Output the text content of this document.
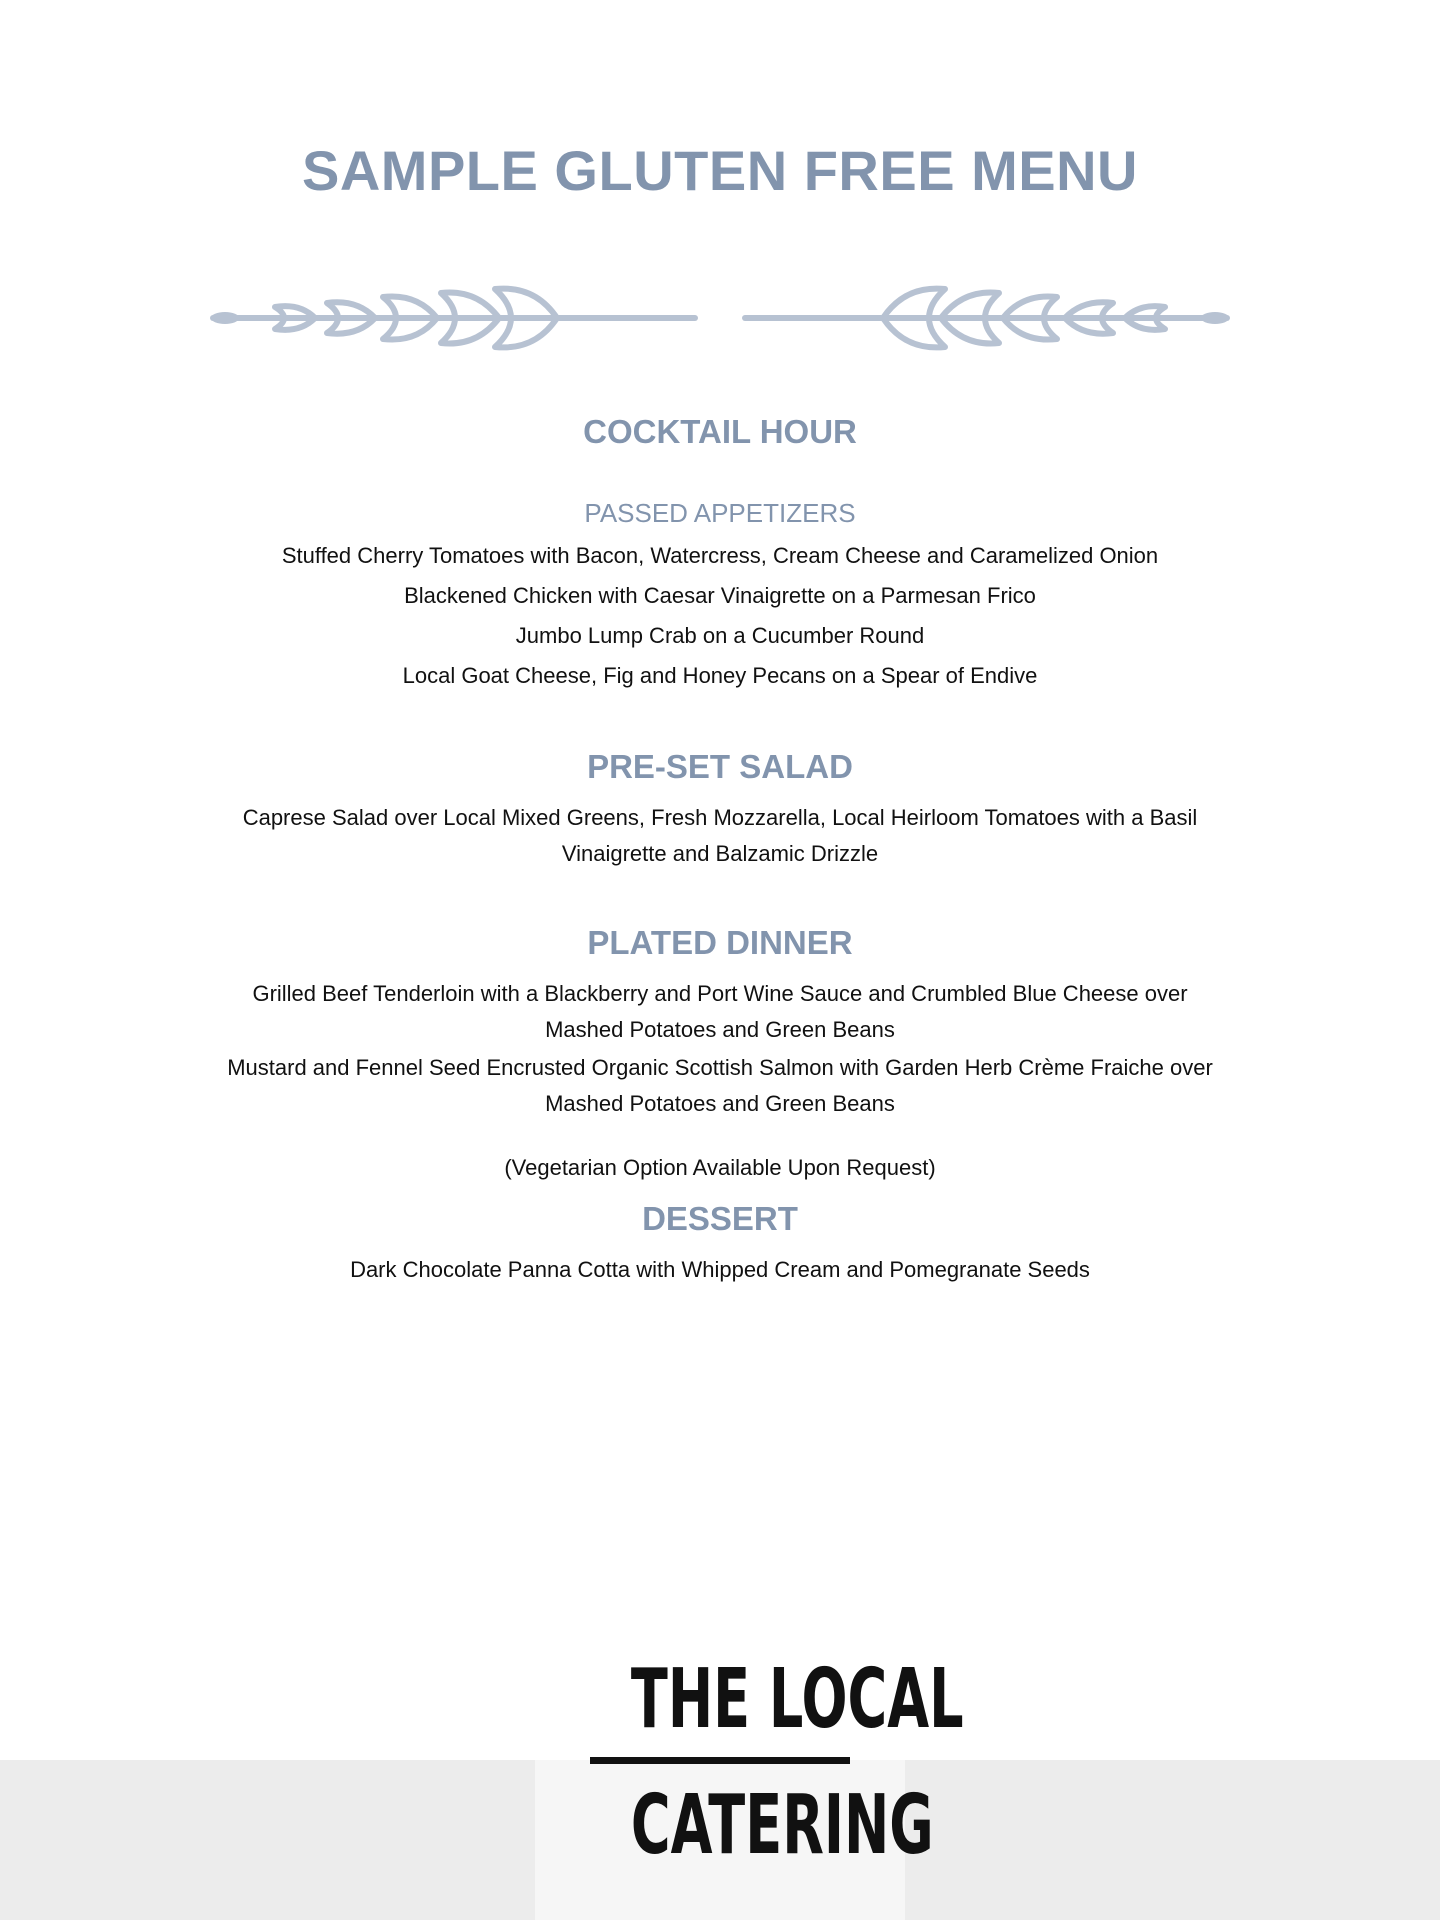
SAMPLE GLUTEN FREE MENU
COCKTAIL HOUR
PASSED APPETIZERS
Stuffed Cherry Tomatoes with Bacon, Watercress, Cream Cheese and Caramelized Onion
Blackened Chicken with Caesar Vinaigrette on a Parmesan Frico
Jumbo Lump Crab on a Cucumber Round
Local Goat Cheese, Fig and Honey Pecans on a Spear of Endive
PRE-SET SALAD
Caprese Salad over Local Mixed Greens, Fresh Mozzarella, Local Heirloom Tomatoes with a Basil
Vinaigrette and Balzamic Drizzle
PLATED DINNER
Grilled Beef Tenderloin with a Blackberry and Port Wine Sauce and Crumbled Blue Cheese over
Mashed Potatoes and Green Beans
Mustard and Fennel Seed Encrusted Organic Scottish Salmon with Garden Herb Crème Fraiche over
Mashed Potatoes and Green Beans
(Vegetarian Option Available Upon Request)
DESSERT
Dark Chocolate Panna Cotta with Whipped Cream and Pomegranate Seeds
THE LOCAL
CATERING
